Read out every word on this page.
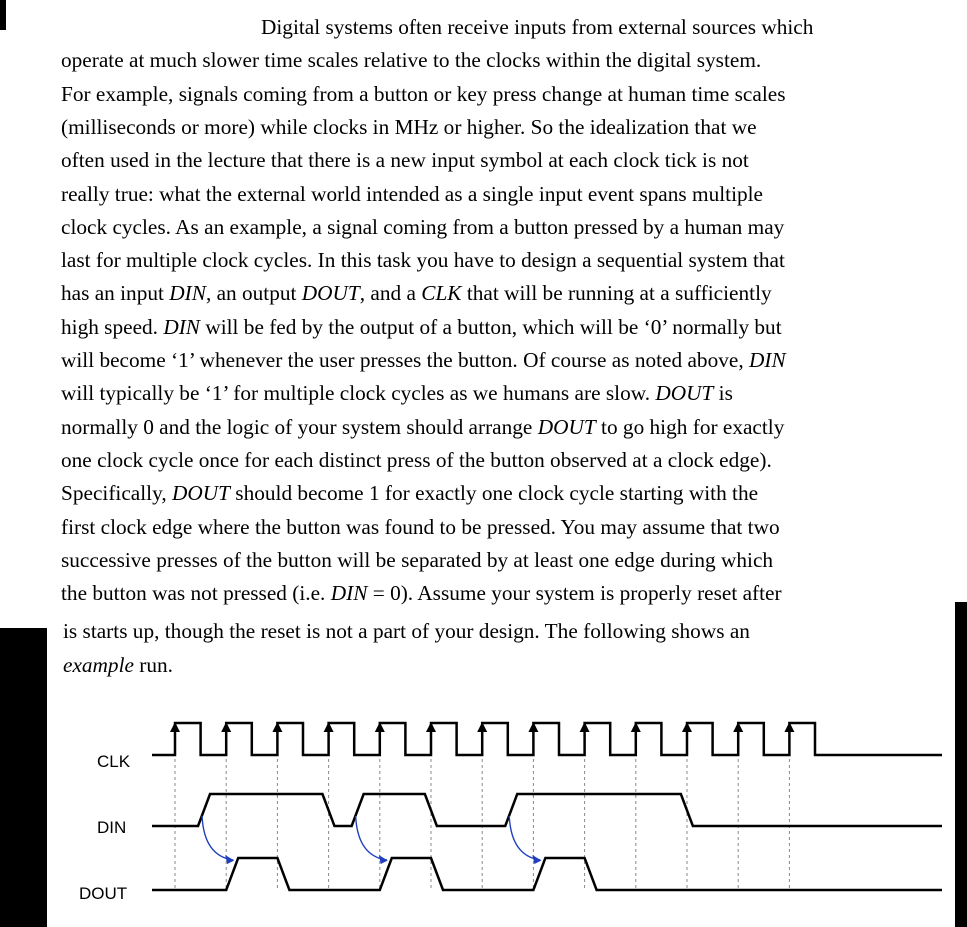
Digital systems often receive inputs from external sources which
operate at much slower time scales relative to the clocks within the digital system.
For example, signals coming from a button or key press change at human time scales
(milliseconds or more) while clocks in MHz or higher. So the idealization that we
often used in the lecture that there is a new input symbol at each clock tick is not
really true: what the external world intended as a single input event spans multiple
clock cycles. As an example, a signal coming from a button pressed by a human may
last for multiple clock cycles. In this task you have to design a sequential system that
has an input DIN, an output DOUT, and a CLK that will be running at a sufficiently
high speed. DIN will be fed by the output of a button, which will be ‘0’ normally but
will become ‘1’ whenever the user presses the button. Of course as noted above, DIN
will typically be ‘1’ for multiple clock cycles as we humans are slow. DOUT is
normally 0 and the logic of your system should arrange DOUT to go high for exactly
one clock cycle once for each distinct press of the button observed at a clock edge).
Specifically, DOUT should become 1 for exactly one clock cycle starting with the
first clock edge where the button was found to be pressed. You may assume that two
successive presses of the button will be separated by at least one edge during which
the button was not pressed (i.e. DIN = 0). Assume your system is properly reset after
is starts up, though the reset is not a part of your design. The following shows an
example run.
CLK
DIN
DOUT
